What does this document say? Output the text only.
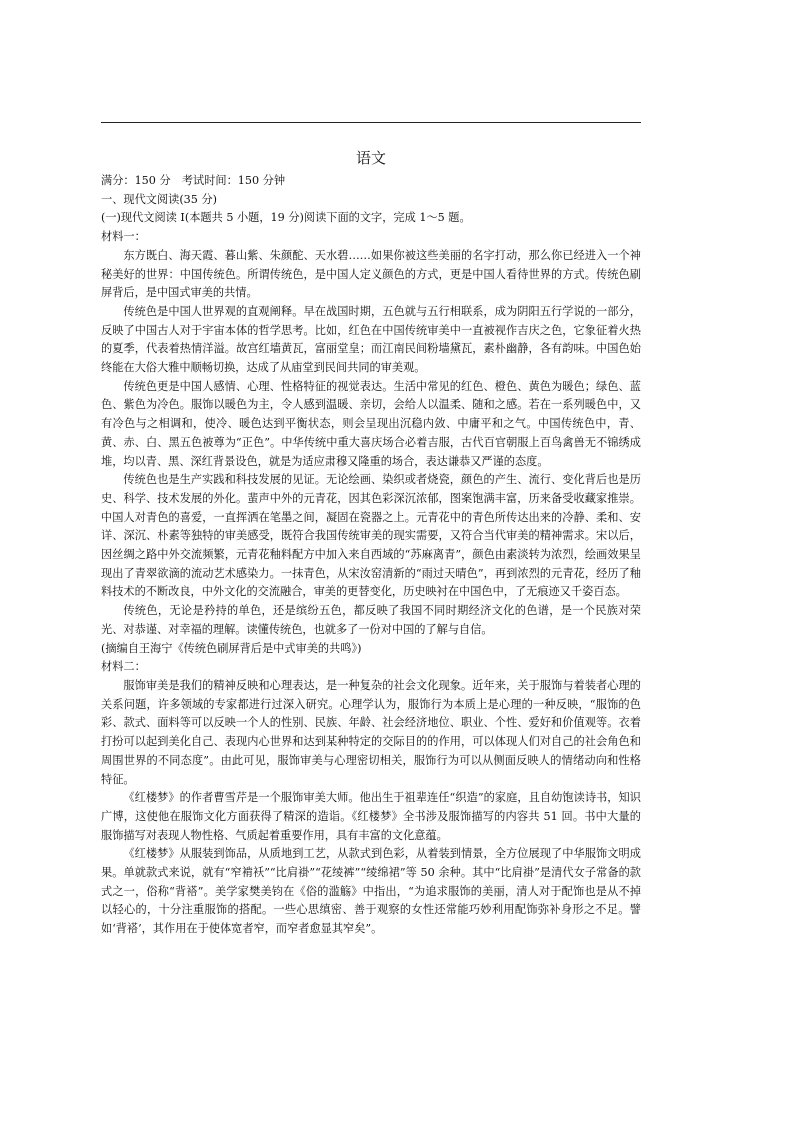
语文

满分：150 分　考试时间：150 分钟

一、现代文阅读(35 分)

(一)现代文阅读 I(本题共 5 小题，19 分)阅读下面的文字，完成 1～5 题。

材料一：

东方既白、海天霞、暮山紫、朱颜酡、天水碧……如果你被这些美丽的名字打动，那么你已经进入一个神秘美好的世界：中国传统色。所谓传统色，是中国人定义颜色的方式，更是中国人看待世界的方式。传统色刷屏背后，是中国式审美的共情。

传统色是中国人世界观的直观阐释。早在战国时期，五色就与五行相联系，成为阴阳五行学说的一部分，反映了中国古人对于宇宙本体的哲学思考。比如，红色在中国传统审美中一直被视作吉庆之色，它象征着火热的夏季，代表着热情洋溢。故宫红墙黄瓦，富丽堂皇；而江南民间粉墙黛瓦，素朴幽静，各有韵味。中国色始终能在大俗大雅中顺畅切换，达成了从庙堂到民间共同的审美观。

传统色更是中国人感情、心理、性格特征的视觉表达。生活中常见的红色、橙色、黄色为暖色；绿色、蓝色、紫色为冷色。服饰以暖色为主，令人感到温暖、亲切，会给人以温柔、随和之感。若在一系列暖色中，又有冷色与之相调和，使冷、暖色达到平衡状态，则会呈现出沉稳内敛、中庸平和之气。中国传统色中，青、黄、赤、白、黑五色被尊为“正色”。中华传统中重大喜庆场合必着吉服，古代百官朝服上百鸟禽兽无不锦绣成堆，均以青、黑、深红背景设色，就是为适应肃穆又隆重的场合，表达谦恭又严谨的态度。

传统色也是生产实践和科技发展的见证。无论绘画、染织或者烧瓷，颜色的产生、流行、变化背后也是历史、科学、技术发展的外化。蜚声中外的元青花，因其色彩深沉浓郁，图案饱满丰富，历来备受收藏家推崇。中国人对青色的喜爱，一直挥洒在笔墨之间，凝固在瓷器之上。元青花中的青色所传达出来的冷静、柔和、安详、深沉、朴素等独特的审美感受，既符合我国传统审美的现实需要，又符合当代审美的精神需求。宋以后，因丝绸之路中外交流频繁，元青花釉料配方中加入来自西域的“苏麻离青”，颜色由素淡转为浓烈，绘画效果呈现出了青翠欲滴的流动艺术感染力。一抹青色，从宋汝窑清新的“雨过天晴色”，再到浓烈的元青花，经历了釉料技术的不断改良，中外文化的交流融合，审美的更替变化，历史映衬在中国色中，了无痕迹又千姿百态。

传统色，无论是矜持的单色，还是缤纷五色，都反映了我国不同时期经济文化的色谱，是一个民族对荣光、对恭谨、对幸福的理解。读懂传统色，也就多了一份对中国的了解与自信。

(摘编自王海宁《传统色刷屏背后是中式审美的共鸣》)

材料二：

服饰审美是我们的精神反映和心理表达，是一种复杂的社会文化现象。近年来，关于服饰与着装者心理的关系问题，许多领域的专家都进行过深入研究。心理学认为，服饰行为本质上是心理的一种反映，“服饰的色彩、款式、面料等可以反映一个人的性别、民族、年龄、社会经济地位、职业、个性、爱好和价值观等。衣着打扮可以起到美化自己、表现内心世界和达到某种特定的交际目的的作用，可以体现人们对自己的社会角色和周围世界的不同态度”。由此可见，服饰审美与心理密切相关，服饰行为可以从侧面反映人的情绪动向和性格特征。

《红楼梦》的作者曹雪芹是一个服饰审美大师。他出生于祖辈连任“织造”的家庭，且自幼饱读诗书，知识广博，这使他在服饰文化方面获得了精深的造诣。《红楼梦》全书涉及服饰描写的内容共 51 回。书中大量的服饰描写对表现人物性格、气质起着重要作用，具有丰富的文化意蕴。

《红楼梦》从服装到饰品，从质地到工艺，从款式到色彩，从着装到情景，全方位展现了中华服饰文明成果。单就款式来说，就有“窄褃袄”“比肩褂”“花绫裤”“绫绵裙”等 50 余种。其中“比肩褂”是清代女子常备的款式之一，俗称“背褡”。美学家樊美钧在《俗的滥觞》中指出，“为追求服饰的美丽，清人对于配饰也是从不掉以轻心的，十分注重服饰的搭配。一些心思缜密、善于观察的女性还常能巧妙利用配饰弥补身形之不足。譬如‘背褡’，其作用在于使体宽者窄，而窄者愈显其窄矣”。
